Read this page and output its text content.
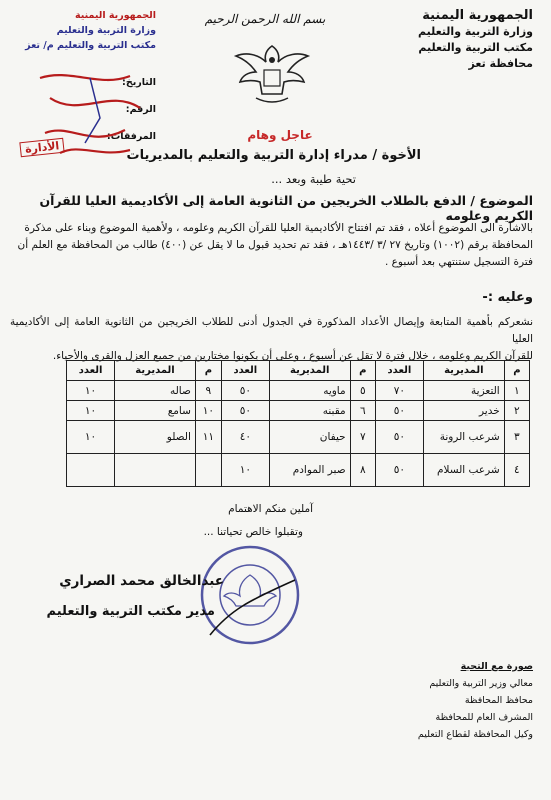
الجمهورية اليمنية
وزارة التربية والتعليم
مكتب التربية والتعليم
محافظة تعز
بسم الله الرحمن الرحيم
الجمهورية اليمنية
وزارة التربية والتعليم
مكتب التربية والتعليم م/ تعز
التاريخ:
الرقم:
المرفقات:
الأدارة
عاجل وهام
الأخوة / مدراء إدارة التربية والتعليم بالمديريات
تحية طيبة وبعد ...
الموضوع / الدفع بالطلاب الخريجين من الثانوية العامة إلى الأكاديمية العليا للقرآن الكريم وعلومه

بالاشارة الى الموضوع أعلاه ، فقد تم افتتاح الأكاديمية العليا للقرآن الكريم وعلومه ، ولأهمية الموضوع وبناء على مذكرة

المحافظة برقم (١٠٠٢) وتاريخ ٢٧ /٣ /١٤٤٣هـ ، فقد تم تحديد قبول ما لا يقل عن (٤٠٠) طالب من المحافظة مع العلم أن

فترة التسجيل ستنتهي بعد أسبوع .

وعليه :-

نشعركم بأهمية المتابعة وإيصال الأعداد المذكورة في الجدول أدنى للطلاب الخريجين من الثانوية العامة إلى الأكاديمية العليا

للقرآن الكريم وعلومه ، خلال فترة لا تقل عن أسبوع ، وعلى أن يكونوا مختارين من جميع العزل والقرى والأحياء.

م	المديرية	العدد	م	المديرية	العدد	م	المديرية	العدد
١	التعزية	٧٠	٥	ماويه	٥٠	٩	صاله	١٠
٢	خدير	٥٠	٦	مقبنه	٥٠	١٠	سامع	١٠
٣	شرعب الرونة	٥٠	٧	حيفان	٤٠	١١	الصلو	١٠
٤	شرعب السلام	٥٠	٨	صبر الموادم	١٠			
آملين منكم الاهتمام
وتقبلوا خالص تحياتنا ...
عبدالخالق محمد الصراري
مدير مكتب التربية والتعليم
صورة مع التحية
معالي وزير التربية والتعليم
محافظ المحافظة
المشرف العام للمحافظة
وكيل المحافظة لقطاع التعليم
